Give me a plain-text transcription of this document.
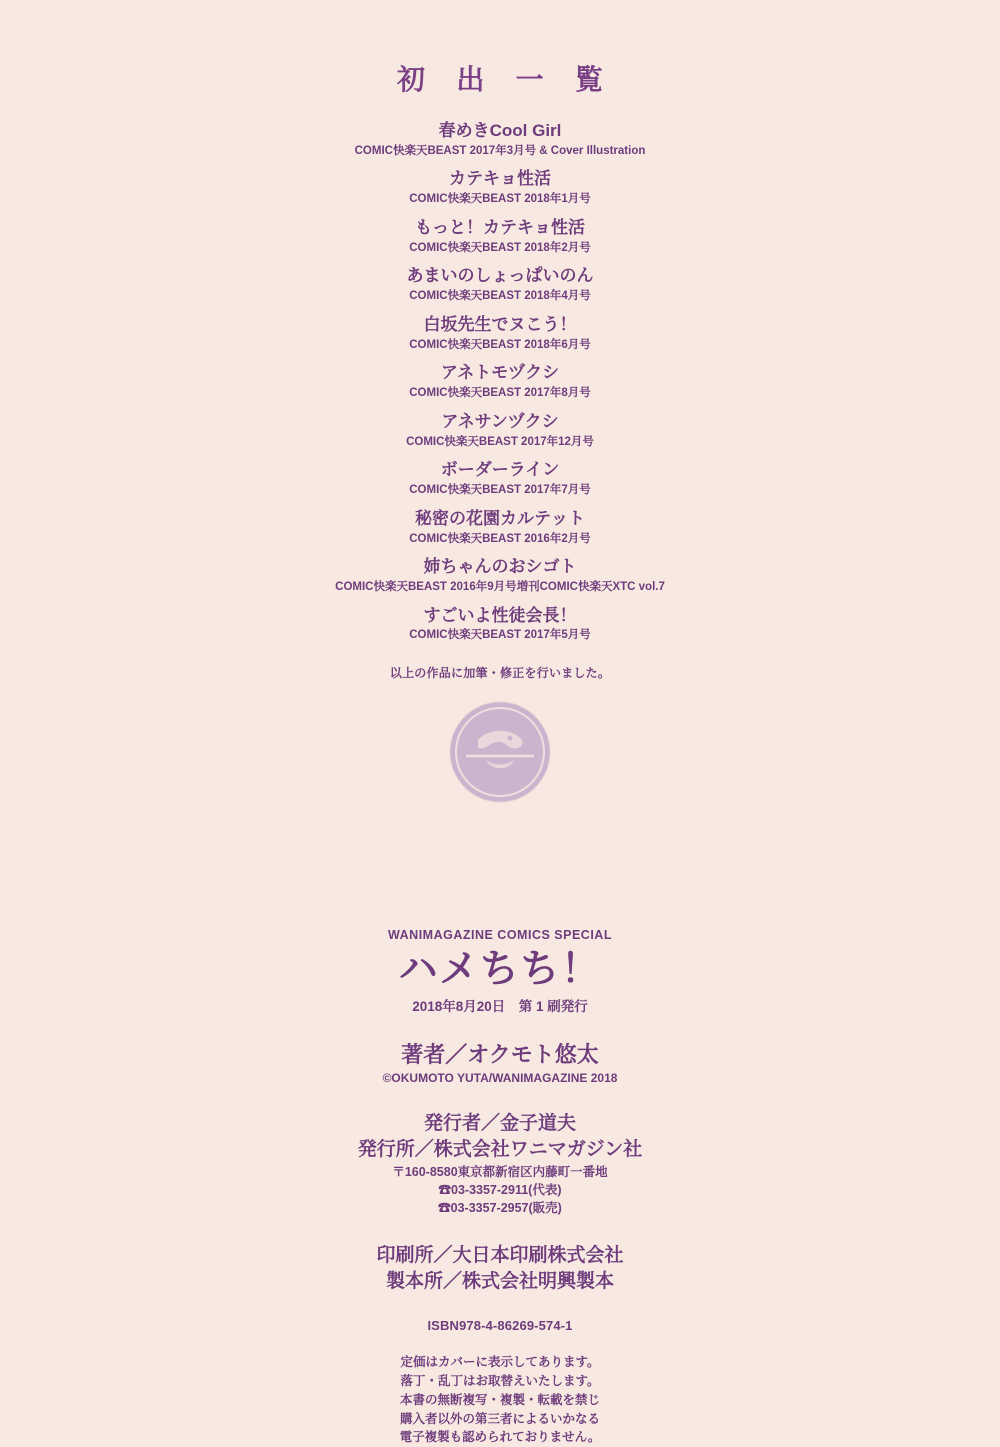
初 出 一 覧
春めきCool Girl
COMIC快楽天BEAST 2017年3月号 & Cover Illustration
カテキョ性活
COMIC快楽天BEAST 2018年1月号
もっと！カテキョ性活
COMIC快楽天BEAST 2018年2月号
あまいのしょっぱいのん
COMIC快楽天BEAST 2018年4月号
白坂先生でヌこう！
COMIC快楽天BEAST 2018年6月号
アネトモヅクシ
COMIC快楽天BEAST 2017年8月号
アネサンヅクシ
COMIC快楽天BEAST 2017年12月号
ボーダーライン
COMIC快楽天BEAST 2017年7月号
秘密の花園カルテット
COMIC快楽天BEAST 2016年2月号
姉ちゃんのおシゴト
COMIC快楽天BEAST 2016年9月号増刊COMIC快楽天XTC vol.7
すごいよ性徒会長！
COMIC快楽天BEAST 2017年5月号
以上の作品に加筆・修正を行いました。
WANIMAGAZINE COMICS SPECIAL
ハメちち！
2018年8月20日　第 1 刷発行
著者／オクモト悠太
©OKUMOTO YUTA/WANIMAGAZINE 2018
発行者／金子道夫
発行所／株式会社ワニマガジン社
〒160-8580東京都新宿区内藤町一番地
☎03-3357-2911(代表)
☎03-3357-2957(販売)
印刷所／大日本印刷株式会社
製本所／株式会社明興製本
ISBN978-4-86269-574-1
定価はカバーに表示してあります。
落丁・乱丁はお取替えいたします。
本書の無断複写・複製・転載を禁じ
購入者以外の第三者によるいかなる
電子複製も認められておりません。
